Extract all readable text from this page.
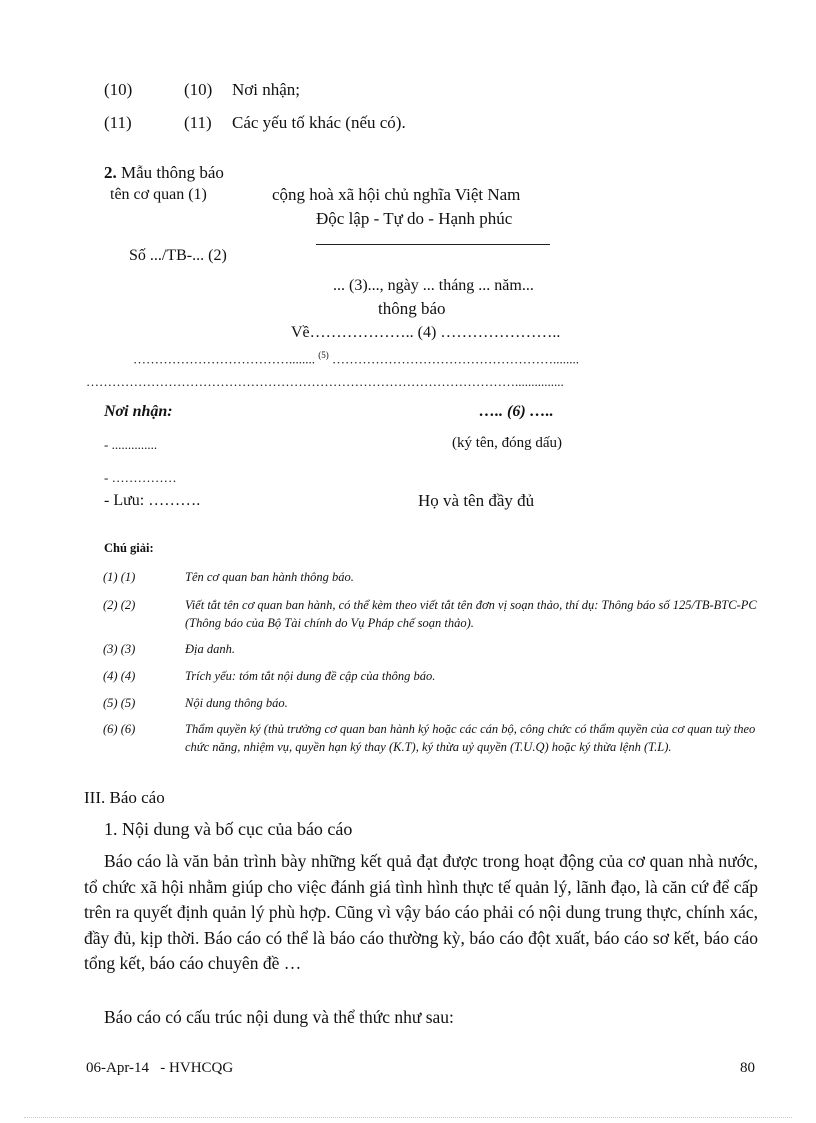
(10)	(10) Nơi nhận;
(11)	(11) Các yếu tố khác (nếu có).
2. Mẫu thông báo
tên cơ quan (1)	cộng hoà xã hội chủ nghĩa Việt Nam
Độc lập - Tự do - Hạnh phúc
Số .../TB-... (2)
... (3)..., ngày ... tháng ... năm...
thông báo
Về……………….. (4) …………………..
………………………………........ $^{(5)}$ ……………………………………………........
………………………………………………………………………………………...............
Nơi nhận:	….. (6) …..
- ..............	(ký tên, đóng dấu)
- ……………
- Lưu: ……….	Họ và tên đầy đủ
Chú giải:
(1) (1)	Tên cơ quan ban hành thông báo.
(2) (2)	Viết tắt tên cơ quan ban hành, có thể kèm theo viết tắt tên đơn vị soạn thảo, thí dụ: Thông báo số 125/TB-BTC-PC (Thông báo của Bộ Tài chính do Vụ Pháp chế soạn thảo).
(3) (3)	Địa danh.
(4) (4)	Trích yếu: tóm tắt nội dung đề cập của thông báo.
(5) (5)	Nội dung thông báo.
(6) (6)	Thẩm quyền ký (thủ trưởng cơ quan ban hành ký hoặc các cán bộ, công chức có thẩm quyền của cơ quan tuỳ theo chức năng, nhiệm vụ, quyền hạn ký thay (K.T), ký thừa uỷ quyền (T.U.Q) hoặc ký thừa lệnh (T.L).
III. Báo cáo
1. Nội dung và bố cục của báo cáo
Báo cáo là văn bản trình bày những kết quả đạt được trong hoạt động của cơ quan nhà nước, tổ chức xã hội nhằm giúp cho việc đánh giá tình hình thực tế quản lý, lãnh đạo, là căn cứ để cấp trên ra quyết định quản lý phù hợp. Cũng vì vậy báo cáo phải có nội dung trung thực, chính xác, đầy đủ, kịp thời. Báo cáo có thể là báo cáo thường kỳ, báo cáo đột xuất, báo cáo sơ kết, báo cáo tổng kết, báo cáo chuyên đề …
Báo cáo có cấu trúc nội dung và thể thức như sau:
06-Apr-14 - HVHCQG	80
